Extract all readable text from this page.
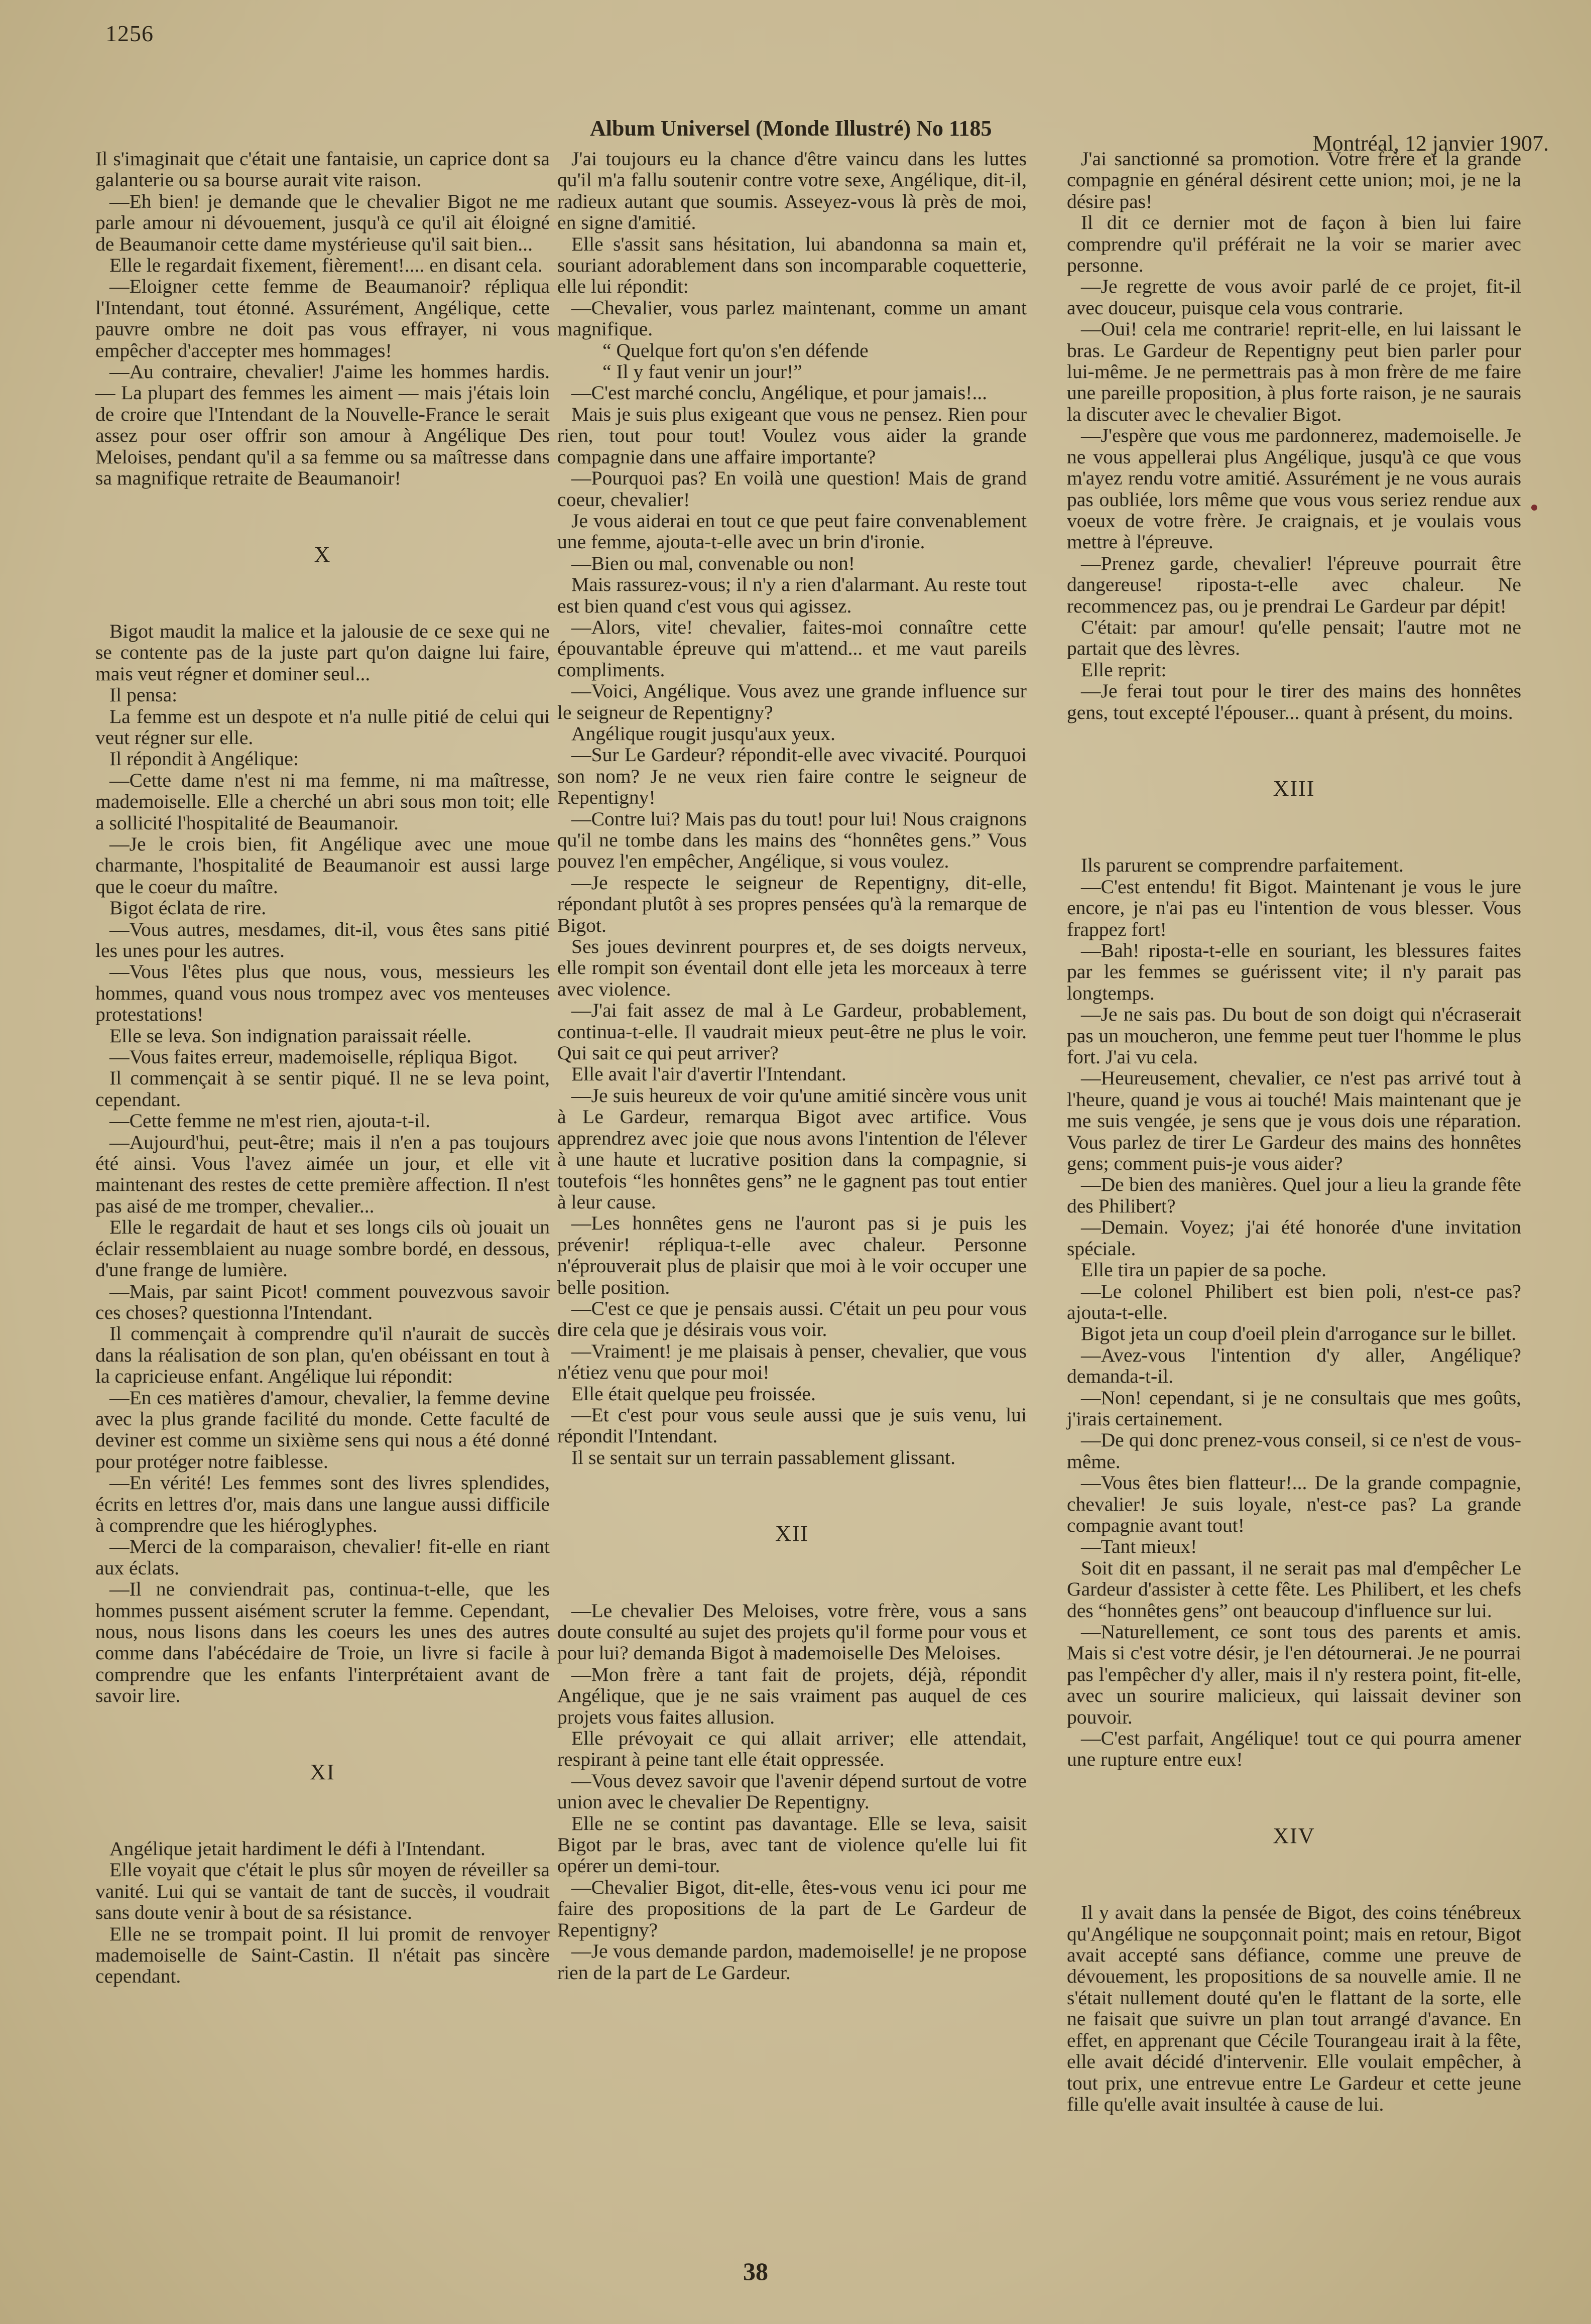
1256
Album Universel (Monde Illustré) No 1185
Montréal, 12 janvier 1907.

Il s'imaginait que c'était une fantaisie, un caprice dont sa galanterie ou sa bourse aurait vite raison.

—Eh bien! je demande que le chevalier Bigot ne me parle amour ni dévouement, jusqu'à ce qu'il ait éloigné de Beaumanoir cette dame mystérieuse qu'il sait bien...

Elle le regardait fixement, fièrement!.... en disant cela.

—Eloigner cette femme de Beaumanoir? répliqua l'Intendant, tout étonné. Assurément, Angélique, cette pauvre ombre ne doit pas vous effrayer, ni vous empêcher d'accepter mes hommages!

—Au contraire, chevalier! J'aime les hommes hardis. — La plupart des femmes les aiment — mais j'étais loin de croire que l'Intendant de la Nouvelle-France le serait assez pour oser offrir son amour à Angélique Des Meloises, pendant qu'il a sa femme ou sa maîtresse dans sa magnifique retraite de Beaumanoir!

X

Bigot maudit la malice et la jalousie de ce sexe qui ne se contente pas de la juste part qu'on daigne lui faire, mais veut régner et dominer seul...

Il pensa:

La femme est un despote et n'a nulle pitié de celui qui veut régner sur elle.

Il répondit à Angélique:

—Cette dame n'est ni ma femme, ni ma maîtresse, mademoiselle. Elle a cherché un abri sous mon toit; elle a sollicité l'hospitalité de Beaumanoir.

—Je le crois bien, fit Angélique avec une moue charmante, l'hospitalité de Beaumanoir est aussi large que le coeur du maître.

Bigot éclata de rire.

—Vous autres, mesdames, dit-il, vous êtes sans pitié les unes pour les autres.

—Vous l'êtes plus que nous, vous, messieurs les hommes, quand vous nous trompez avec vos menteuses protestations!

Elle se leva. Son indignation paraissait réelle.

—Vous faites erreur, mademoiselle, répliqua Bigot.

Il commençait à se sentir piqué. Il ne se leva point, cependant.

—Cette femme ne m'est rien, ajouta-t-il.

—Aujourd'hui, peut-être; mais il n'en a pas toujours été ainsi. Vous l'avez aimée un jour, et elle vit maintenant des restes de cette première affection. Il n'est pas aisé de me tromper, chevalier...

Elle le regardait de haut et ses longs cils où jouait un éclair ressemblaient au nuage sombre bordé, en dessous, d'une frange de lumière.

—Mais, par saint Picot! comment pouvezvous savoir ces choses? questionna l'Intendant.

Il commençait à comprendre qu'il n'aurait de succès dans la réalisation de son plan, qu'en obéissant en tout à la capricieuse enfant. Angélique lui répondit:

—En ces matières d'amour, chevalier, la femme devine avec la plus grande facilité du monde. Cette faculté de deviner est comme un sixième sens qui nous a été donné pour protéger notre faiblesse.

—En vérité! Les femmes sont des livres splendides, écrits en lettres d'or, mais dans une langue aussi difficile à comprendre que les hiéroglyphes.

—Merci de la comparaison, chevalier! fit-elle en riant aux éclats.

—Il ne conviendrait pas, continua-t-elle, que les hommes pussent aisément scruter la femme. Cependant, nous, nous lisons dans les coeurs les unes des autres comme dans l'abécédaire de Troie, un livre si facile à comprendre que les enfants l'interprétaient avant de savoir lire.

XI

Angélique jetait hardiment le défi à l'Intendant.

Elle voyait que c'était le plus sûr moyen de réveiller sa vanité. Lui qui se vantait de tant de succès, il voudrait sans doute venir à bout de sa résistance.

Elle ne se trompait point. Il lui promit de renvoyer mademoiselle de Saint-Castin. Il n'était pas sincère cependant.

J'ai toujours eu la chance d'être vaincu dans les luttes qu'il m'a fallu soutenir contre votre sexe, Angélique, dit-il, radieux autant que soumis. Asseyez-vous là près de moi, en signe d'amitié.

Elle s'assit sans hésitation, lui abandonna sa main et, souriant adorablement dans son incomparable coquetterie, elle lui répondit:

—Chevalier, vous parlez maintenant, comme un amant magnifique.

“ Quelque fort qu'on s'en défende

“ Il y faut venir un jour!”

—C'est marché conclu, Angélique, et pour jamais!...

Mais je suis plus exigeant que vous ne pensez. Rien pour rien, tout pour tout! Voulez vous aider la grande compagnie dans une affaire importante?

—Pourquoi pas? En voilà une question! Mais de grand coeur, chevalier!

Je vous aiderai en tout ce que peut faire convenablement une femme, ajouta-t-elle avec un brin d'ironie.

—Bien ou mal, convenable ou non!

Mais rassurez-vous; il n'y a rien d'alarmant. Au reste tout est bien quand c'est vous qui agissez.

—Alors, vite! chevalier, faites-moi connaître cette épouvantable épreuve qui m'attend... et me vaut pareils compliments.

—Voici, Angélique. Vous avez une grande influence sur le seigneur de Repentigny?

Angélique rougit jusqu'aux yeux.

—Sur Le Gardeur? répondit-elle avec vivacité. Pourquoi son nom? Je ne veux rien faire contre le seigneur de Repentigny!

—Contre lui? Mais pas du tout! pour lui! Nous craignons qu'il ne tombe dans les mains des “honnêtes gens.” Vous pouvez l'en empêcher, Angélique, si vous voulez.

—Je respecte le seigneur de Repentigny, dit-elle, répondant plutôt à ses propres pensées qu'à la remarque de Bigot.

Ses joues devinrent pourpres et, de ses doigts nerveux, elle rompit son éventail dont elle jeta les morceaux à terre avec violence.

—J'ai fait assez de mal à Le Gardeur, probablement, continua-t-elle. Il vaudrait mieux peut-être ne plus le voir. Qui sait ce qui peut arriver?

Elle avait l'air d'avertir l'Intendant.

—Je suis heureux de voir qu'une amitié sincère vous unit à Le Gardeur, remarqua Bigot avec artifice. Vous apprendrez avec joie que nous avons l'intention de l'élever à une haute et lucrative position dans la compagnie, si toutefois “les honnêtes gens” ne le gagnent pas tout entier à leur cause.

—Les honnêtes gens ne l'auront pas si je puis les prévenir! répliqua-t-elle avec chaleur. Personne n'éprouverait plus de plaisir que moi à le voir occuper une belle position.

—C'est ce que je pensais aussi. C'était un peu pour vous dire cela que je désirais vous voir.

—Vraiment! je me plaisais à penser, chevalier, que vous n'étiez venu que pour moi!

Elle était quelque peu froissée.

—Et c'est pour vous seule aussi que je suis venu, lui répondit l'Intendant.

Il se sentait sur un terrain passablement glissant.

XII

—Le chevalier Des Meloises, votre frère, vous a sans doute consulté au sujet des projets qu'il forme pour vous et pour lui? demanda Bigot à mademoiselle Des Meloises.

—Mon frère a tant fait de projets, déjà, répondit Angélique, que je ne sais vraiment pas auquel de ces projets vous faites allusion.

Elle prévoyait ce qui allait arriver; elle attendait, respirant à peine tant elle était oppressée.

—Vous devez savoir que l'avenir dépend surtout de votre union avec le chevalier De Repentigny.

Elle ne se contint pas davantage. Elle se leva, saisit Bigot par le bras, avec tant de violence qu'elle lui fit opérer un demi-tour.

—Chevalier Bigot, dit-elle, êtes-vous venu ici pour me faire des propositions de la part de Le Gardeur de Repentigny?

—Je vous demande pardon, mademoiselle! je ne propose rien de la part de Le Gardeur.

J'ai sanctionné sa promotion. Votre frère et la grande compagnie en général désirent cette union; moi, je ne la désire pas!

Il dit ce dernier mot de façon à bien lui faire comprendre qu'il préférait ne la voir se marier avec personne.

—Je regrette de vous avoir parlé de ce projet, fit-il avec douceur, puisque cela vous contrarie.

—Oui! cela me contrarie! reprit-elle, en lui laissant le bras. Le Gardeur de Repentigny peut bien parler pour lui-même. Je ne permettrais pas à mon frère de me faire une pareille proposition, à plus forte raison, je ne saurais la discuter avec le chevalier Bigot.

—J'espère que vous me pardonnerez, mademoiselle. Je ne vous appellerai plus Angélique, jusqu'à ce que vous m'ayez rendu votre amitié. Assurément je ne vous aurais pas oubliée, lors même que vous vous seriez rendue aux voeux de votre frère. Je craignais, et je voulais vous mettre à l'épreuve.

—Prenez garde, chevalier! l'épreuve pourrait être dangereuse! riposta-t-elle avec chaleur. Ne recommencez pas, ou je prendrai Le Gardeur par dépit!

C'était: par amour! qu'elle pensait; l'autre mot ne partait que des lèvres.

Elle reprit:

—Je ferai tout pour le tirer des mains des honnêtes gens, tout excepté l'épouser... quant à présent, du moins.

XIII

Ils parurent se comprendre parfaitement.

—C'est entendu! fit Bigot. Maintenant je vous le jure encore, je n'ai pas eu l'intention de vous blesser. Vous frappez fort!

—Bah! riposta-t-elle en souriant, les blessures faites par les femmes se guérissent vite; il n'y parait pas longtemps.

—Je ne sais pas. Du bout de son doigt qui n'écraserait pas un moucheron, une femme peut tuer l'homme le plus fort. J'ai vu cela.

—Heureusement, chevalier, ce n'est pas arrivé tout à l'heure, quand je vous ai touché! Mais maintenant que je me suis vengée, je sens que je vous dois une réparation. Vous parlez de tirer Le Gardeur des mains des honnêtes gens; comment puis-je vous aider?

—De bien des manières. Quel jour a lieu la grande fête des Philibert?

—Demain. Voyez; j'ai été honorée d'une invitation spéciale.

Elle tira un papier de sa poche.

—Le colonel Philibert est bien poli, n'est-ce pas? ajouta-t-elle.

Bigot jeta un coup d'oeil plein d'arrogance sur le billet.

—Avez-vous l'intention d'y aller, Angélique? demanda-t-il.

—Non! cependant, si je ne consultais que mes goûts, j'irais certainement.

—De qui donc prenez-vous conseil, si ce n'est de vous-même.

—Vous êtes bien flatteur!... De la grande compagnie, chevalier! Je suis loyale, n'est-ce pas? La grande compagnie avant tout!

—Tant mieux!

Soit dit en passant, il ne serait pas mal d'empêcher Le Gardeur d'assister à cette fête. Les Philibert, et les chefs des “honnêtes gens” ont beaucoup d'influence sur lui.

—Naturellement, ce sont tous des parents et amis. Mais si c'est votre désir, je l'en détournerai. Je ne pourrai pas l'empêcher d'y aller, mais il n'y restera point, fit-elle, avec un sourire malicieux, qui laissait deviner son pouvoir.

—C'est parfait, Angélique! tout ce qui pourra amener une rupture entre eux!

XIV

Il y avait dans la pensée de Bigot, des coins ténébreux qu'Angélique ne soupçonnait point; mais en retour, Bigot avait accepté sans défiance, comme une preuve de dévouement, les propositions de sa nouvelle amie. Il ne s'était nullement douté qu'en le flattant de la sorte, elle ne faisait que suivre un plan tout arrangé d'avance. En effet, en apprenant que Cécile Tourangeau irait à la fête, elle avait décidé d'intervenir. Elle voulait empêcher, à tout prix, une entrevue entre Le Gardeur et cette jeune fille qu'elle avait insultée à cause de lui.

38
